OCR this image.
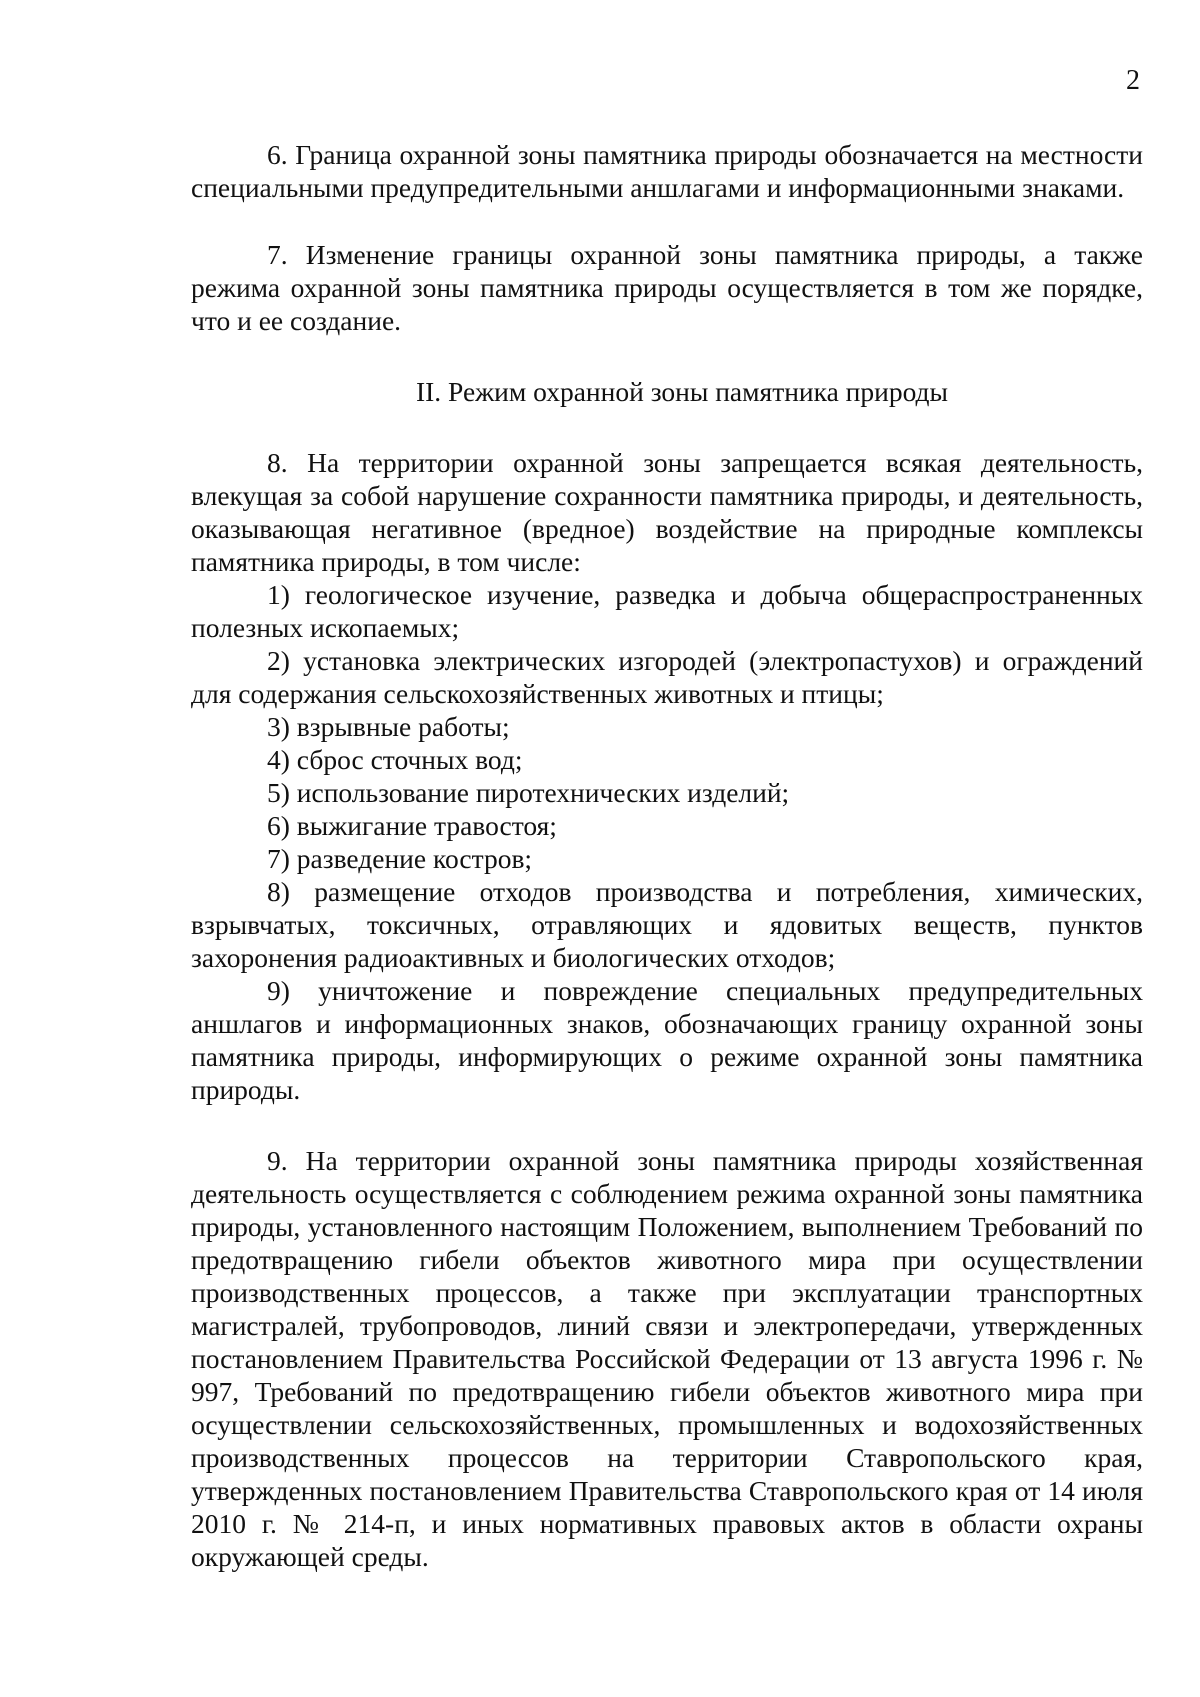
2

6. Граница охранной зоны памятника природы обозначается на местности специальными предупредительными аншлагами и информационными знаками.

7. Изменение границы охранной зоны памятника природы, а также режима охранной зоны памятника природы осуществляется в том же порядке, что и ее создание.

II. Режим охранной зоны памятника природы

8. На территории охранной зоны запрещается всякая деятельность, влекущая за собой нарушение сохранности памятника природы, и деятельность, оказывающая негативное (вредное) воздействие на природные комплексы памятника природы, в том числе:

1) геологическое изучение, разведка и добыча общераспространенных полезных ископаемых;

2) установка электрических изгородей (электропастухов) и ограждений для содержания сельскохозяйственных животных и птицы;

3) взрывные работы;

4) сброс сточных вод;

5) использование пиротехнических изделий;

6) выжигание травостоя;

7) разведение костров;

8) размещение отходов производства и потребления, химических, взрывчатых, токсичных, отравляющих и ядовитых веществ, пунктов захоронения радиоактивных и биологических отходов;

9) уничтожение и повреждение специальных предупредительных аншлагов и информационных знаков, обозначающих границу охранной зоны памятника природы, информирующих о режиме охранной зоны памятника природы.

9. На территории охранной зоны памятника природы хозяйственная деятельность осуществляется с соблюдением режима охранной зоны памятника природы, установленного настоящим Положением, выполнением Требований по предотвращению гибели объектов животного мира при осуществлении производственных процессов, а также при эксплуатации транспортных магистралей, трубопроводов, линий связи и электропередачи, утвержденных постановлением Правительства Российской Федерации от 13 августа 1996 г. № 997, Требований по предотвращению гибели объектов животного мира при осуществлении сельскохозяйственных, промышленных и водохозяйственных производственных процессов на территории Ставропольского края, утвержденных постановлением Правительства Ставропольского края от 14 июля 2010 г. № 214-п, и иных нормативных правовых актов в области охраны окружающей среды.
